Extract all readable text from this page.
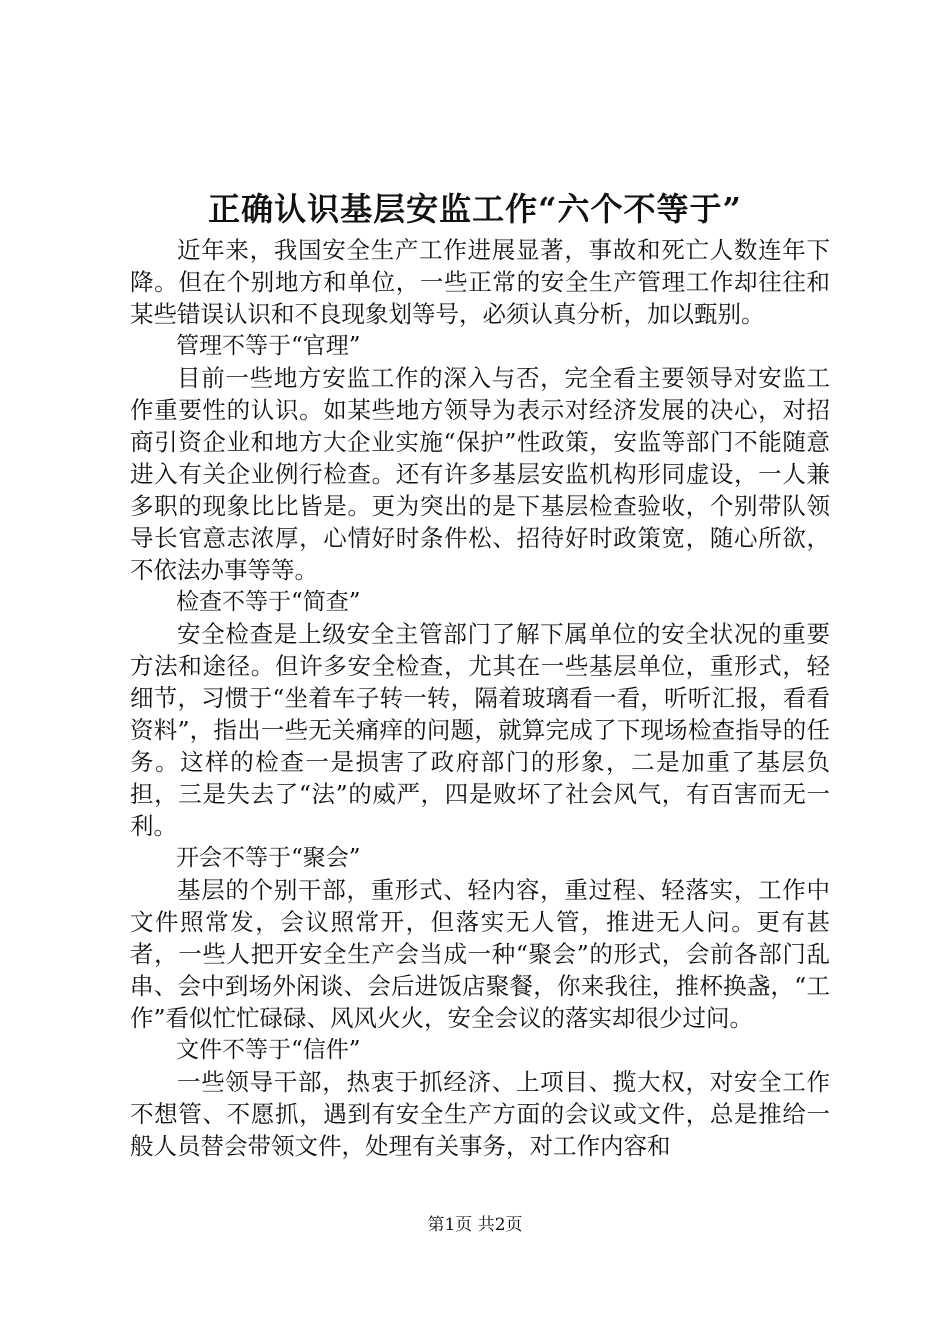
正确认识基层安监工作“六个不等于”

近年来，我国安全生产工作进展显著，事故和死亡人数连年下降。但在个别地方和单位，一些正常的安全生产管理工作却往往和某些错误认识和不良现象划等号，必须认真分析，加以甄别。

管理不等于“官理”

目前一些地方安监工作的深入与否，完全看主要领导对安监工作重要性的认识。如某些地方领导为表示对经济发展的决心，对招商引资企业和地方大企业实施“保护”性政策，安监等部门不能随意进入有关企业例行检查。还有许多基层安监机构形同虚设，一人兼多职的现象比比皆是。更为突出的是下基层检查验收，个别带队领导长官意志浓厚，心情好时条件松、招待好时政策宽，随心所欲，不依法办事等等。

检查不等于“简查”

安全检查是上级安全主管部门了解下属单位的安全状况的重要方法和途径。但许多安全检查，尤其在一些基层单位，重形式，轻细节，习惯于“坐着车子转一转，隔着玻璃看一看，听听汇报，看看资料”，指出一些无关痛痒的问题，就算完成了下现场检查指导的任务。这样的检查一是损害了政府部门的形象，二是加重了基层负担，三是失去了“法”的威严，四是败坏了社会风气，有百害而无一利。

开会不等于“聚会”

基层的个别干部，重形式、轻内容，重过程、轻落实，工作中文件照常发，会议照常开，但落实无人管，推进无人问。更有甚者，一些人把开安全生产会当成一种“聚会”的形式，会前各部门乱串、会中到场外闲谈、会后进饭店聚餐，你来我往，推杯换盏，“工作”看似忙忙碌碌、风风火火，安全会议的落实却很少过问。

文件不等于“信件”

一些领导干部，热衷于抓经济、上项目、揽大权，对安全工作不想管、不愿抓，遇到有安全生产方面的会议或文件，总是推给一般人员替会带领文件，处理有关事务，对工作内容和

第1页 共2页
